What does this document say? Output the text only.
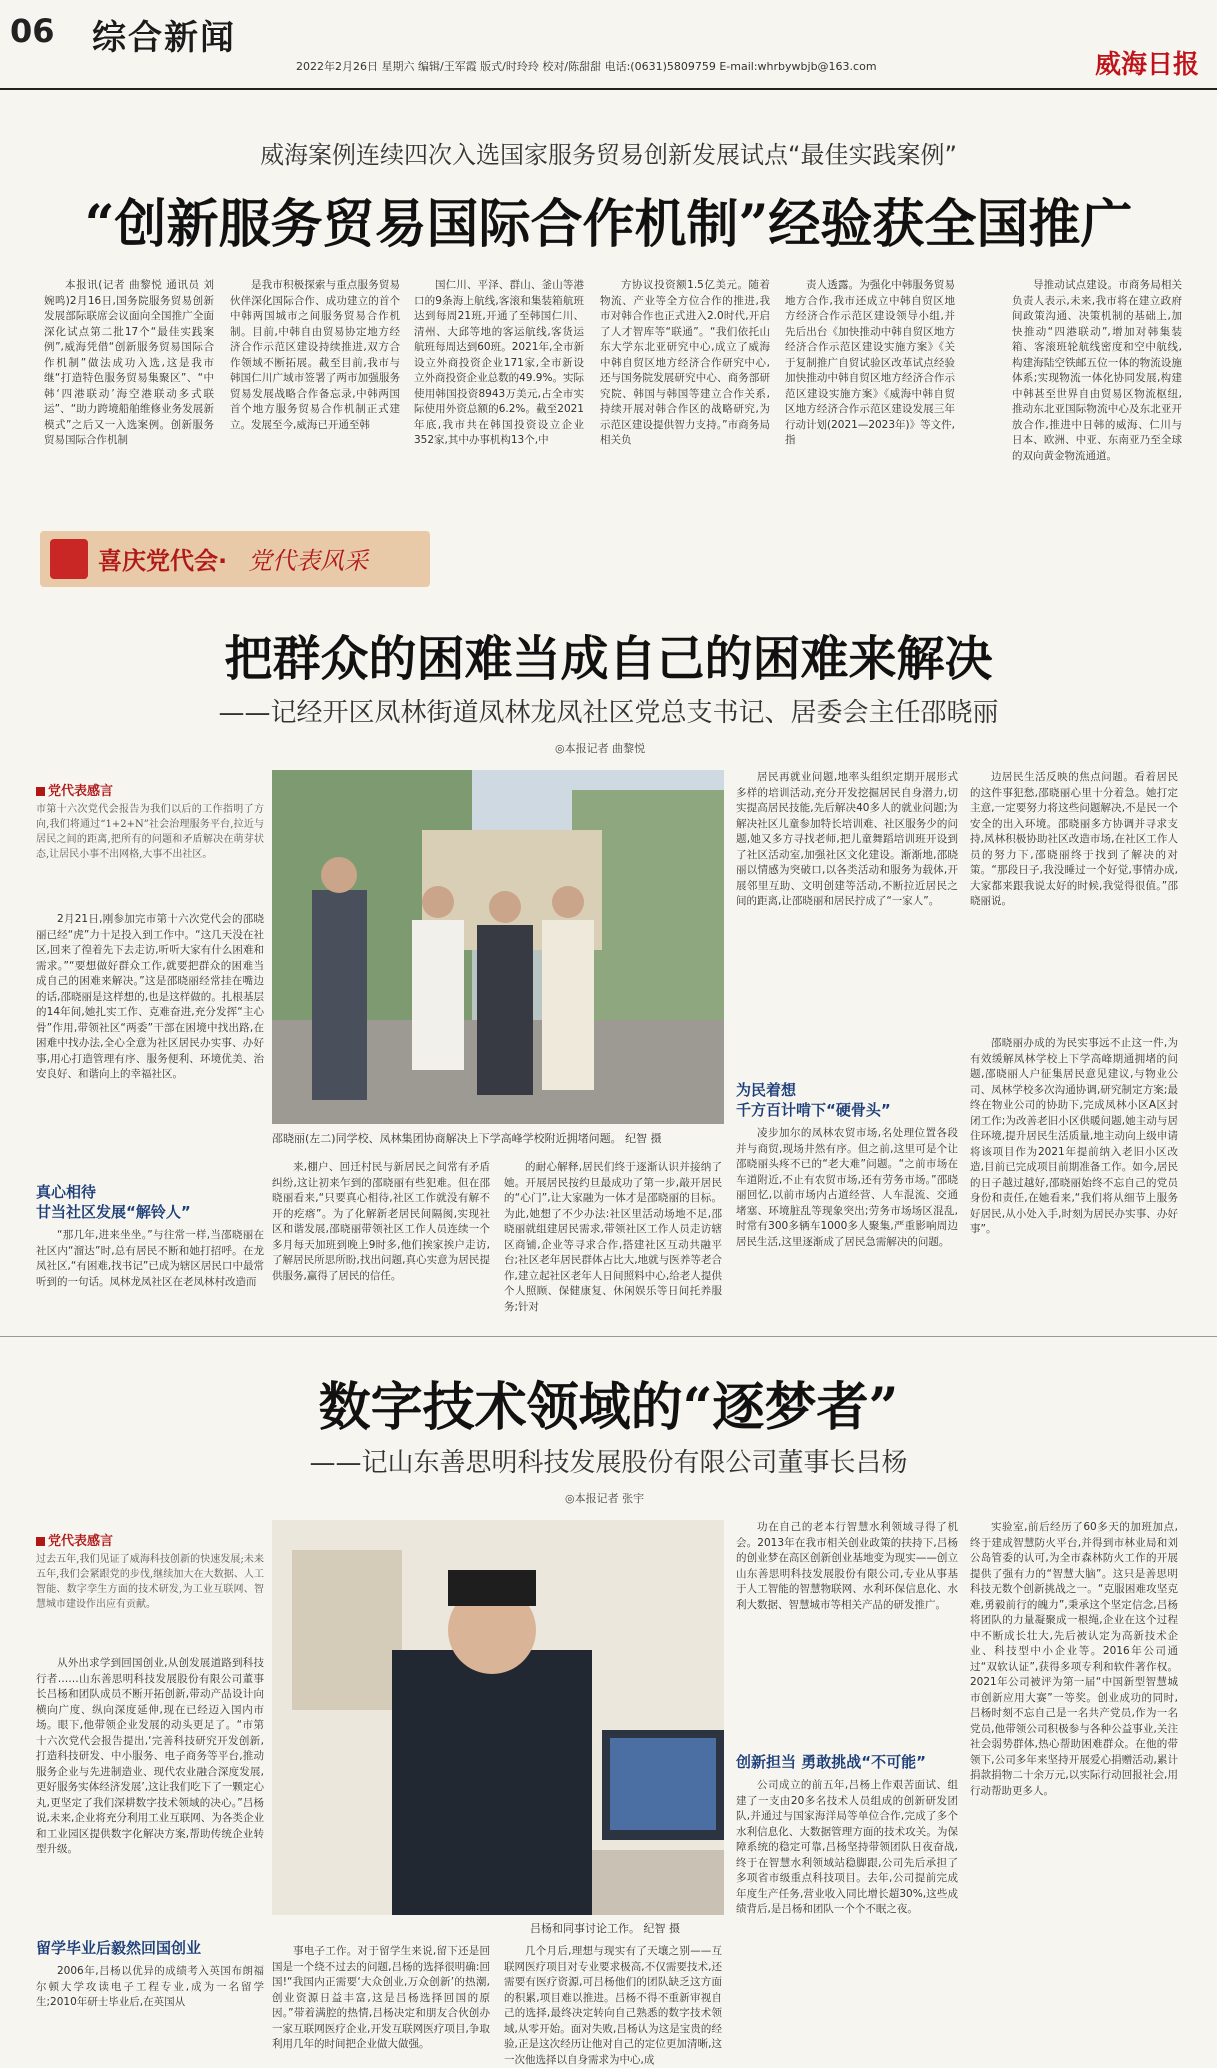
06 综合新闻
2022年2月26日 星期六 编辑/王军霞 版式/时玲玲 校对/陈甜甜 电话:(0631)5809759 E-mail:whrbywbjb@163.com	威海日报
威海案例连续四次入选国家服务贸易创新发展试点“最佳实践案例”
“创新服务贸易国际合作机制”经验获全国推广

本报讯(记者 曲黎悦 通讯员 刘婉鸣)2月16日,国务院服务贸易创新发展部际联席会议面向全国推广全面深化试点第二批17个“最佳实践案例”,威海凭借“创新服务贸易国际合作机制”做法成功入选,这是我市继“打造特色服务贸易集聚区”、“中韩‘四港联动’海空港联动多式联运”、“助力跨境船舶维修业务发展新模式”之后又一入选案例。创新服务贸易国际合作机制

是我市积极探索与重点服务贸易伙伴深化国际合作、成功建立的首个中韩两国城市之间服务贸易合作机制。目前,中韩自由贸易协定地方经济合作示范区建设持续推进,双方合作领域不断拓展。截至目前,我市与韩国仁川广域市签署了两市加强服务贸易发展战略合作备忘录,中韩两国首个地方服务贸易合作机制正式建立。发展至今,威海已开通至韩

国仁川、平泽、群山、釜山等港口的9条海上航线,客滚和集装箱航班达到每周21班,开通了至韩国仁川、清州、大邱等地的客运航线,客货运航班每周达到60班。2021年,全市新设立外商投资企业171家,全市新设立外商投资企业总数的49.9%。实际使用韩国投资8943万美元,占全市实际使用外资总额的6.2%。截至2021年底,我市共在韩国投资设立企业352家,其中办事机构13个,中

方协议投资额1.5亿美元。随着物流、产业等全方位合作的推进,我市对韩合作也正式进入2.0时代,开启了人才智库等“联通”。“我们依托山东大学东北亚研究中心,成立了威海中韩自贸区地方经济合作研究中心,还与国务院发展研究中心、商务部研究院、韩国与韩国等建立合作关系,持续开展对韩合作区的战略研究,为示范区建设提供智力支持。”市商务局相关负

责人透露。为强化中韩服务贸易地方合作,我市还成立中韩自贸区地方经济合作示范区建设领导小组,并先后出台《加快推动中韩自贸区地方经济合作示范区建设实施方案》《关于复制推广自贸试验区改革试点经验加快推动中韩自贸区地方经济合作示范区建设实施方案》《威海中韩自贸区地方经济合作示范区建设发展三年行动计划(2021—2023年)》等文件,指

导推动试点建设。市商务局相关负责人表示,未来,我市将在建立政府间政策沟通、决策机制的基础上,加快推动“四港联动”,增加对韩集装箱、客滚班轮航线密度和空中航线,构建海陆空铁邮五位一体的物流设施体系;实现物流一体化协同发展,构建中韩甚至世界自由贸易区物流枢纽,推动东北亚国际物流中心及东北亚开放合作,推进中日韩的威海、仁川与日本、欧洲、中亚、东南亚乃至全球的双向黄金物流通道。

喜庆党代会· 党代表风采
把群众的困难当成自己的困难来解决
——记经开区凤林街道凤林龙凤社区党总支书记、居委会主任邵晓丽
◎本报记者 曲黎悦
党代表感言
市第十六次党代会报告为我们以后的工作指明了方向,我们将通过“1+2+N”社会治理服务平台,拉近与居民之间的距离,把所有的问题和矛盾解决在萌芽状态,让居民小事不出网格,大事不出社区。

2月21日,刚参加完市第十六次党代会的邵晓丽已经“虎”力十足投入到工作中。“这几天没在社区,回来了徨着先下去走访,听听大家有什么困难和需求。”“要想做好群众工作,就要把群众的困难当成自己的困难来解决。”这是邵晓丽经常挂在嘴边的话,邵晓丽是这样想的,也是这样做的。扎根基层的14年间,她扎实工作、克难奋进,充分发挥“主心骨”作用,带领社区“两委”干部在困境中找出路,在困难中找办法,全心全意为社区居民办实事、办好事,用心打造管理有序、服务便利、环境优美、治安良好、和谐向上的幸福社区。

真心相待
甘当社区发展“解铃人”

“那几年,进来坐坐。”与往常一样,当邵晓丽在社区内“溜达”时,总有居民不断和她打招呼。在龙凤社区,“有困难,找书记”已成为辖区居民口中最常听到的一句话。凤林龙凤社区在老凤林村改造而

邵晓丽(左二)同学校、凤林集团协商解决上下学高峰学校附近拥堵问题。 纪智 摄

来,棚户、回迁村民与新居民之间常有矛盾纠纷,这让初来乍到的邵晓丽有些犯难。但在邵晓丽看来,“只要真心相待,社区工作就没有解不开的疙瘩”。为了化解新老居民间隔阂,实现社区和谐发展,邵晓丽带领社区工作人员连续一个多月每天加班到晚上9时多,他们挨家挨户走访,了解居民所思所盼,找出问题,真心实意为居民提供服务,赢得了居民的信任。

的耐心解释,居民们终于逐渐认识并接纳了她。开展居民按约旦最成功了第一步,敲开居民的“心门”,让大家融为一体才是邵晓丽的目标。为此,她想了不少办法:社区里活动场地不足,邵晓丽就组建居民需求,带领社区工作人员走访辖区商铺,企业等寻求合作,搭建社区互动共融平台;社区老年居民群体占比大,地就与医养等老合作,建立起社区老年人日间照料中心,给老人提供个人照顾、保健康复、休闲娱乐等日间托养服务;针对

居民再就业问题,地率头组织定期开展形式多样的培训活动,充分开发挖掘居民自身潜力,切实提高居民技能,先后解决40多人的就业问题;为解决社区儿童参加特长培训难、社区服务少的问题,她又多方寻找老师,把儿童舞蹈培训班开设到了社区活动室,加强社区文化建设。渐渐地,邵晓丽以情感为突破口,以各类活动和服务为载体,开展邻里互助、文明创建等活动,不断拉近居民之间的距离,让邵晓丽和居民拧成了“一家人”。

为民着想
千方百计啃下“硬骨头”

凌步加尔的凤林农贸市场,名处理位置各段并与商贸,现场井然有序。但之前,这里可是个让邵晓丽头疼不已的“老大难”问题。“之前市场在车道附近,不止有农贸市场,还有劳务市场。”邵晓丽回忆,以前市场内占道经营、人车混流、交通堵塞、环境脏乱等现象突出;劳务市场场区混乱,时常有300多辆车1000多人聚集,严重影响周边居民生活,这里逐渐成了居民急需解决的问题。

边居民生活反映的焦点问题。看着居民的这件事犯愁,邵晓丽心里十分着急。她打定主意,一定要努力将这些问题解决,不是民一个安全的出入环境。邵晓丽多方协调并寻求支持,凤林积极协助社区改造市场,在社区工作人员的努力下,邵晓丽终于找到了解决的对策。“那段日子,我没睡过一个好觉,事情办成,大家都来跟我说太好的时候,我觉得很值。”邵晓丽说。

邵晓丽办成的为民实事远不止这一件,为有效缓解凤林学校上下学高峰期通拥堵的问题,邵晓丽人户征集居民意见建议,与物业公司、凤林学校多次沟通协调,研究制定方案;最终在物业公司的协助下,完成凤林小区A区封闭工作;为改善老旧小区供暖问题,她主动与居住环境,提升居民生活质量,地主动向上级申请将该项目作为2021年提前纳入老旧小区改造,目前已完成项目前期准备工作。如今,居民的日子越过越好,邵晓丽始终不忘自己的党员身份和责任,在她看来,“我们将从细节上服务好居民,从小处入手,时刻为居民办实事、办好事”。

数字技术领域的“逐梦者”
——记山东善思明科技发展股份有限公司董事长吕杨
◎本报记者 张宇
党代表感言
过去五年,我们见证了威海科技创新的快速发展;未来五年,我们会紧跟党的步伐,继续加大在大数据、人工智能、数字孪生方面的技术研发,为工业互联网、智慧城市建设作出应有贡献。

从外出求学到回国创业,从创发展道路到科技行者……山东善思明科技发展股份有限公司董事长吕杨和团队成员不断开拓创新,带动产品设计向横向广度、纵向深度延伸,现在已经迈入国内市场。眼下,他带领企业发展的动头更足了。“市第十六次党代会报告提出,‘完善科技研究开发创新,打造科技研发、中小服务、电子商务等平台,推动服务企业与先进制造业、现代农业融合深度发展,更好服务实体经济发展’,这让我们吃下了一颗定心丸,更坚定了我们深耕数字技术领域的决心。”吕杨说,未来,企业将充分利用工业互联网、为各类企业和工业园区提供数字化解决方案,帮助传统企业转型升级。

留学毕业后毅然回国创业

2006年,吕杨以优异的成绩考入英国布朗福尔顿大学攻读电子工程专业,成为一名留学生;2010年研士毕业后,在英国从

吕杨和同事讨论工作。 纪智 摄

事电子工作。对于留学生来说,留下还是回国是一个绕不过去的问题,吕杨的选择很明确:回国!“我国内正需要‘大众创业,万众创新’的热潮,创业资源日益丰富,这是吕杨选择回国的原因。”带着满腔的热情,吕杨决定和朋友合伙创办一家互联网医疗企业,开发互联网医疗项目,争取利用几年的时间把企业做大做强。

几个月后,理想与现实有了天壤之别——互联网医疗项目对专业要求极高,不仅需要技术,还需要有医疗资源,可吕杨他们的团队缺乏这方面的积累,项目难以推进。吕杨不得不重新审视自己的选择,最终决定转向自己熟悉的数字技术领域,从零开始。面对失败,吕杨认为这是宝贵的经验,正是这次经历让他对自己的定位更加清晰,这一次他选择以自身需求为中心,成

功在自己的老本行智慧水利领域寻得了机会。2013年在我市相关创业政策的扶持下,吕杨的创业梦在高区创新创业基地变为现实——创立山东善思明科技发展股份有限公司,专业从事基于人工智能的智慧物联网、水利环保信息化、水利大数据、智慧城市等相关产品的研发推广。

创新担当 勇敢挑战“不可能”

公司成立的前五年,吕杨上作艰苦面试、组建了一支由20多名技术人员组成的创新研发团队,并通过与国家海洋局等单位合作,完成了多个水利信息化、大数据管理方面的技术攻关。为保障系统的稳定可靠,吕杨坚持带领团队日夜奋战,终于在智慧水利领域站稳脚跟,公司先后承担了多项省市级重点科技项目。去年,公司提前完成年度生产任务,营业收入同比增长超30%,这些成绩背后,是吕杨和团队一个个不眠之夜。

实验室,前后经历了60多天的加班加点,终于建成智慧防火平台,并得到市林业局和刘公岛管委的认可,为全市森林防火工作的开展提供了强有力的“智慧大脑”。这只是善思明科技无数个创新挑战之一。“克服困难攻坚克难,勇毅前行的魄力”,秉承这个坚定信念,吕杨将团队的力量凝聚成一根绳,企业在这个过程中不断成长壮大,先后被认定为高新技术企业、科技型中小企业等。2016年公司通过“双软认证”,获得多项专利和软件著作权。2021年公司被评为第一届“中国新型智慧城市创新应用大赛”一等奖。创业成功的同时,吕杨时刻不忘自己是一名共产党员,作为一名党员,他带领公司积极参与各种公益事业,关注社会弱势群体,热心帮助困难群众。在他的带领下,公司多年来坚持开展爱心捐赠活动,累计捐款捐物二十余万元,以实际行动回报社会,用行动帮助更多人。
